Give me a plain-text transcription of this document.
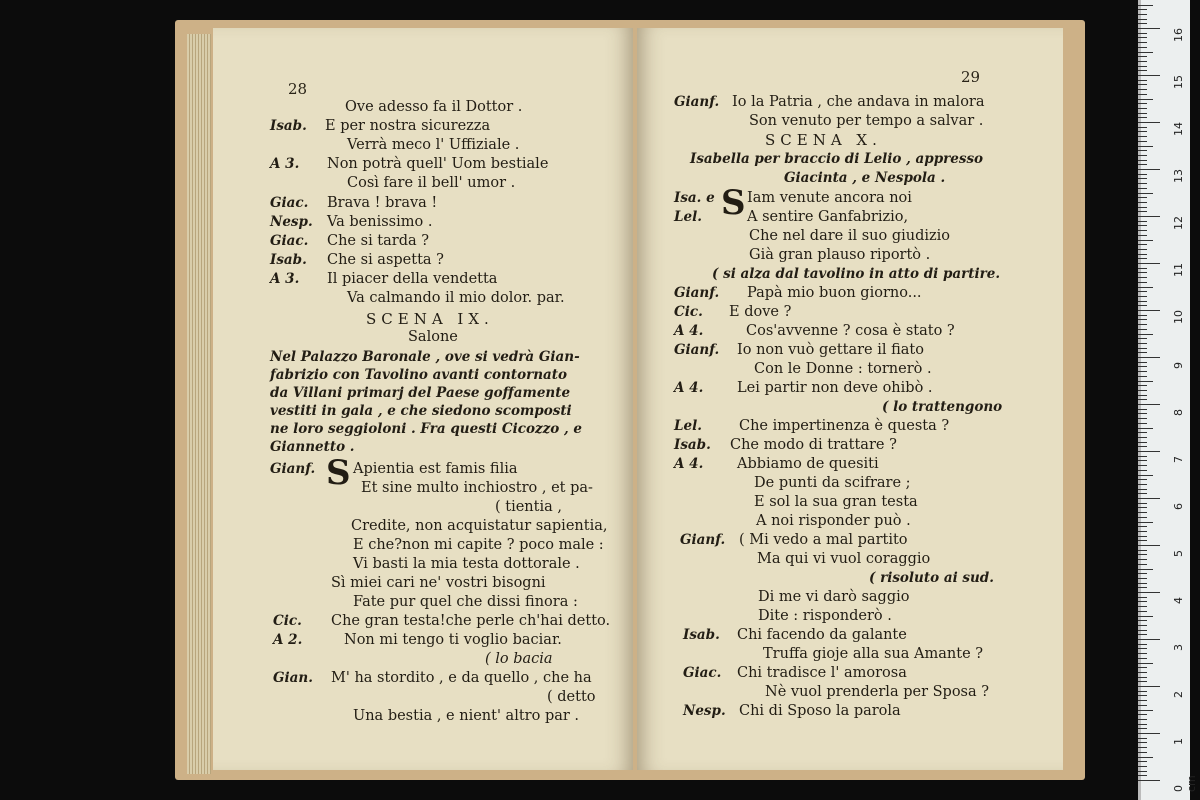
28
Ove adesso fa il Dottor .
Isab. E per nostra sicurezza
Verrà meco l' Uffiziale .
A 3. Non potrà quell' Uom bestiale
Così fare il bell' umor .
Giac. Brava ! brava !
Nesp. Va benissimo .
Giac. Che si tarda ?
Isab. Che si aspetta ?
A 3. Il piacer della vendetta
Va calmando il mio dolor. par.
SCENA IX.
Salone
Nel Palazzo Baronale , ove si vedrà Gian-
fabrizio con Tavolino avanti contornato
da Villani primarj del Paese goffamente
vestiti in gala , e che siedono scomposti
ne loro seggioloni . Fra questi Cicozzo , e
Giannetto .
Gianf. S Apientia est famis filia
Et sine multo inchiostro , et pa-
( tientia ,
Credite, non acquistatur sapientia,
E che?non mi capite ? poco male :
Vi basti la mia testa dottorale .
Sì miei cari ne' vostri bisogni
Fate pur quel che dissi finora :
Cic. Che gran testa!che perle ch'hai detto.
A 2.	Non mi tengo ti voglio baciar.
( lo bacia
Gian. M' ha stordito , e da quello , che ha
( detto
Una bestia , e nient' altro par .
29
Gianf. Io la Patria , che andava in malora
Son venuto per tempo a salvar .
SCENA X.
Isabella per braccio di Lelio , appresso
Giacinta , e Nespola .
Isa. e S Iam venute ancora noi
Lel.	A sentire Ganfabrizio,
Che nel dare il suo giudizio
Già gran plauso riportò .
( si alza dal tavolino in atto di partire.
Gianf. Papà mio buon giorno...
Cic. E dove ?
A 4.	Cos'avvenne ? cosa è stato ?
Gianf. Io non vuò gettare il fiato
Con le Donne : tornerò .
A 4. Lei partir non deve ohibò .
( lo trattengono
Lel.	Che impertinenza è questa ?
Isab. Che modo di trattare ?
A 4. Abbiamo de quesiti
De punti da scifrare ;
E sol la sua gran testa
A noi risponder può .
Gianf. ( Mi vedo a mal partito
Ma qui vi vuol coraggio
( risoluto ai sud.
Di me vi darò saggio
Dite : risponderò .
Isab. Chi facendo da galante
Truffa gioje alla sua Amante ?
Giac. Chi tradisce l' amorosa
Nè vuol prenderla per Sposa ?
Nesp. Chi di Sposo la parola
0 cm
1
2
3
4
5
6
7
8
9
10
11
12
13
14
15
16
